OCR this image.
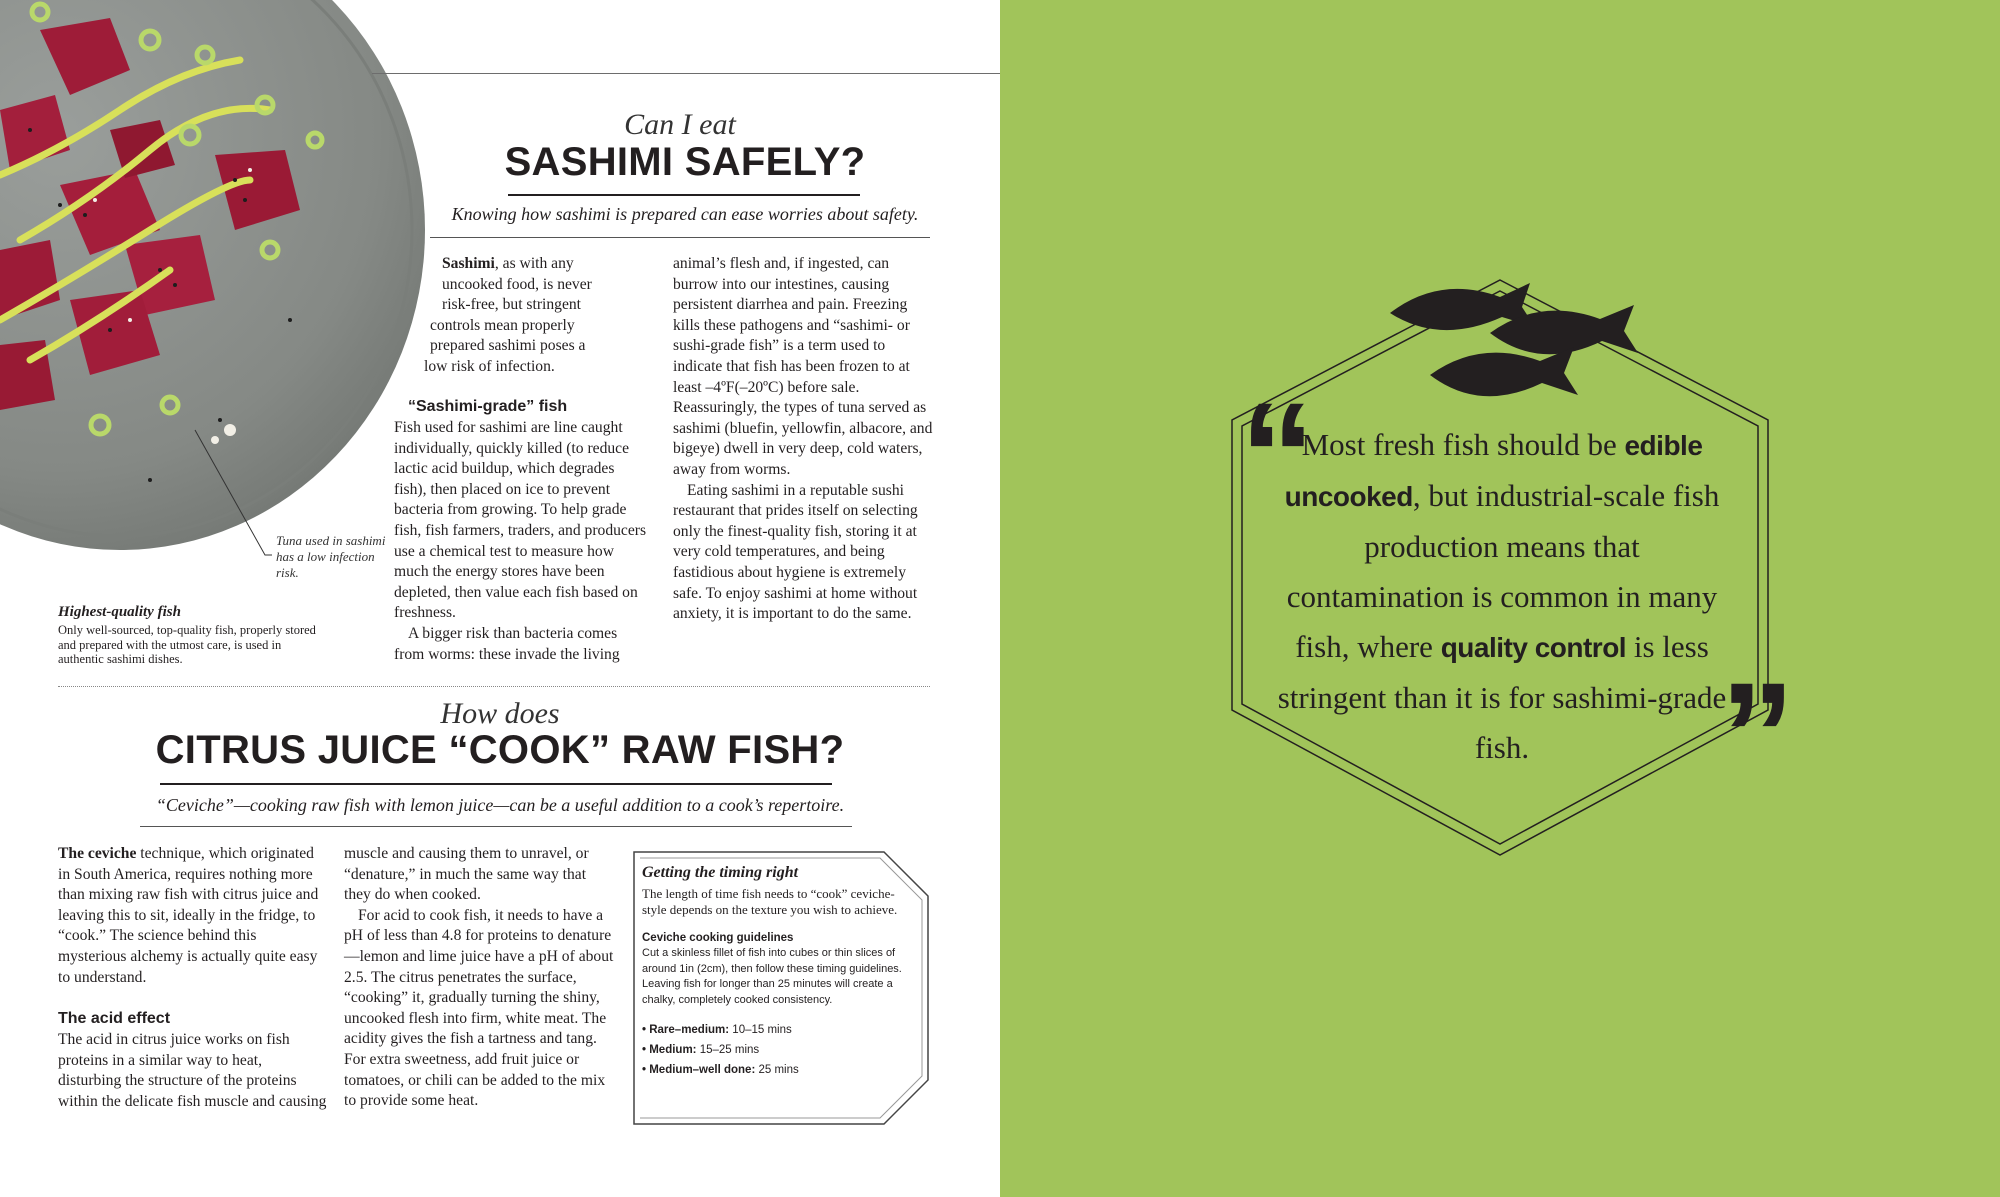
Tuna used in sashimi has a low infection risk.
Highest-quality fish
Only well-sourced, top-quality fish, properly stored and prepared with the utmost care, is used in authentic sashimi dishes.
Can I eat
SASHIMI SAFELY?
Knowing how sashimi is prepared can ease worries about safety.
Sashimi, as with any
uncooked food, is never
risk-free, but stringent
controls mean properly
prepared sashimi poses a
low risk of infection.
“Sashimi-grade” fish

Fish used for sashimi are line caught individually, quickly killed (to reduce lactic acid buildup, which degrades fish), then placed on ice to prevent bacteria from growing. To help grade fish, fish farmers, traders, and producers use a chemical test to measure how much the energy stores have been depleted, then value each fish based on freshness.

A bigger risk than bacteria comes from worms: these invade the living

animal’s flesh and, if ingested, can burrow into our intestines, causing persistent diarrhea and pain. Freezing kills these pathogens and “sashimi- or sushi-grade fish” is a term used to indicate that fish has been frozen to at least –4ºF(–20ºC) before sale. Reassuringly, the types of tuna served as sashimi (bluefin, yellowfin, albacore, and bigeye) dwell in very deep, cold waters, away from worms.

Eating sashimi in a reputable sushi restaurant that prides itself on selecting only the finest-quality fish, storing it at very cold temperatures, and being fastidious about hygiene is extremely safe. To enjoy sashimi at home without anxiety, it is important to do the same.

How does
CITRUS JUICE “COOK” RAW FISH?
“Ceviche”—cooking raw fish with lemon juice—can be a useful addition to a cook’s repertoire.

The ceviche technique, which originated in South America, requires nothing more than mixing raw fish with citrus juice and leaving this to sit, ideally in the fridge, to “cook.” The science behind this mysterious alchemy is actually quite easy to understand.

The acid effect

The acid in citrus juice works on fish proteins in a similar way to heat, disturbing the structure of the proteins within the delicate fish muscle and causing

muscle and causing them to unravel, or “denature,” in much the same way that they do when cooked.

For acid to cook fish, it needs to have a pH of less than 4.8 for proteins to denature—lemon and lime juice have a pH of about 2.5. The citrus penetrates the surface, “cooking” it, gradually turning the shiny, uncooked flesh into firm, white meat. The acidity gives the fish a tartness and tang. For extra sweetness, add fruit juice or tomatoes, or chili can be added to the mix to provide some heat.

Getting the timing right
The length of time fish needs to “cook” ceviche-style depends on the texture you wish to achieve.
Ceviche cooking guidelines
Cut a skinless fillet of fish into cubes or thin slices of around 1in (2cm), then follow these timing guidelines. Leaving fish for longer than 25 minutes will create a chalky, completely cooked consistency.
• Rare–medium: 10–15 mins
• Medium: 15–25 mins
• Medium–well done: 25 mins
“
”
Most fresh fish should be edible uncooked, but industrial-scale fish production means that contamination is common in many fish, where quality control is less stringent than it is for sashimi-grade fish.
